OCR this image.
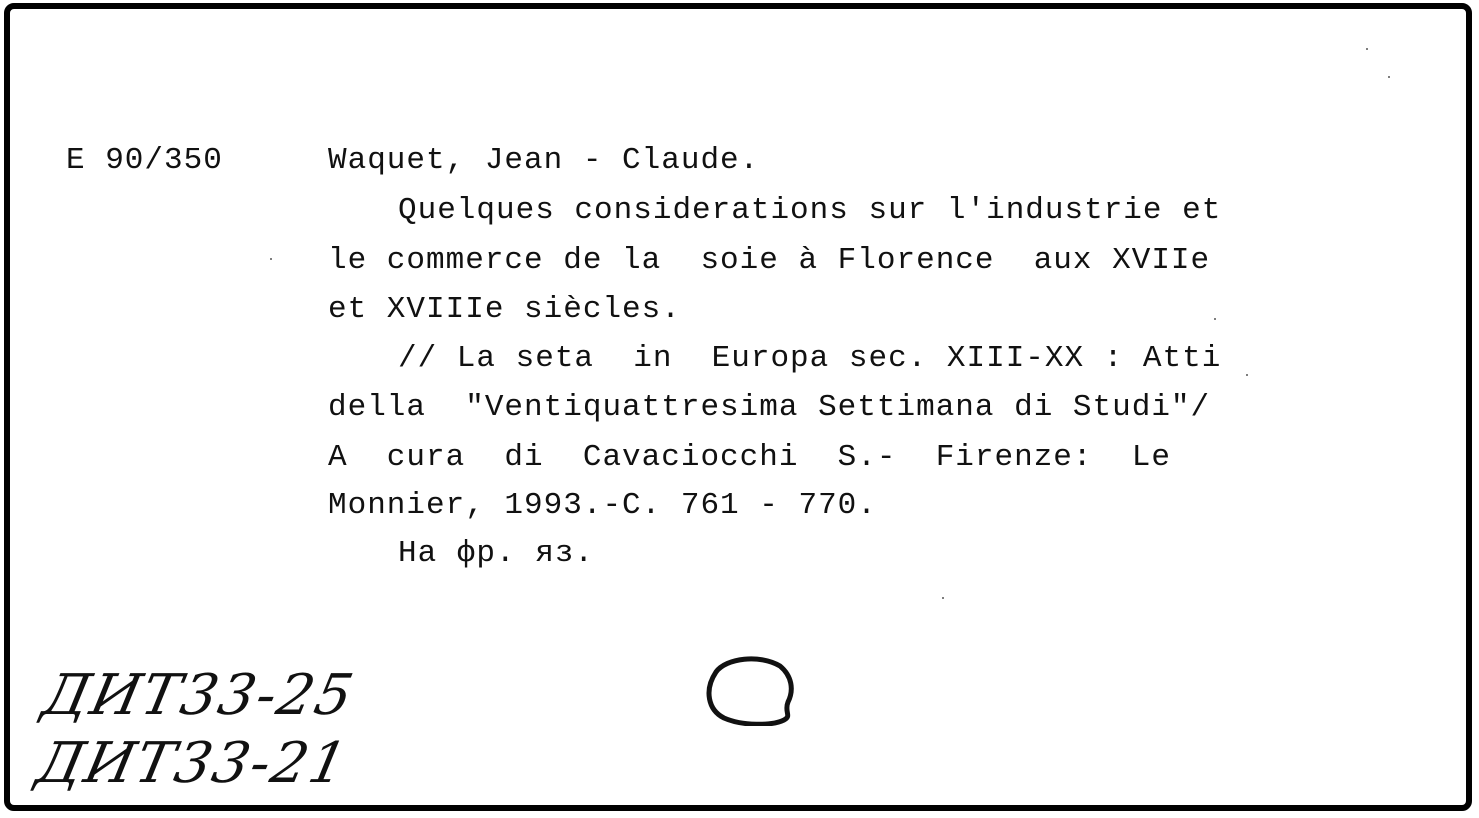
E 90/350	Waquet, Jean - Claude.
Quelques considerations sur l'industrie et
le commerce de la  soie à Florence  aux XVIIe
et XVIIIe siècles.
// La seta  in  Europa sec. XIII-XX : Atti
della  "Ventiquattresima Settimana di Studi"/
A  cura  di  Cavaciocchi  S.-  Firenze:  Le
Monnier, 1993.-C. 761 - 770.
На фр. яз.
ДИТ33-25
ДИТ33-21
